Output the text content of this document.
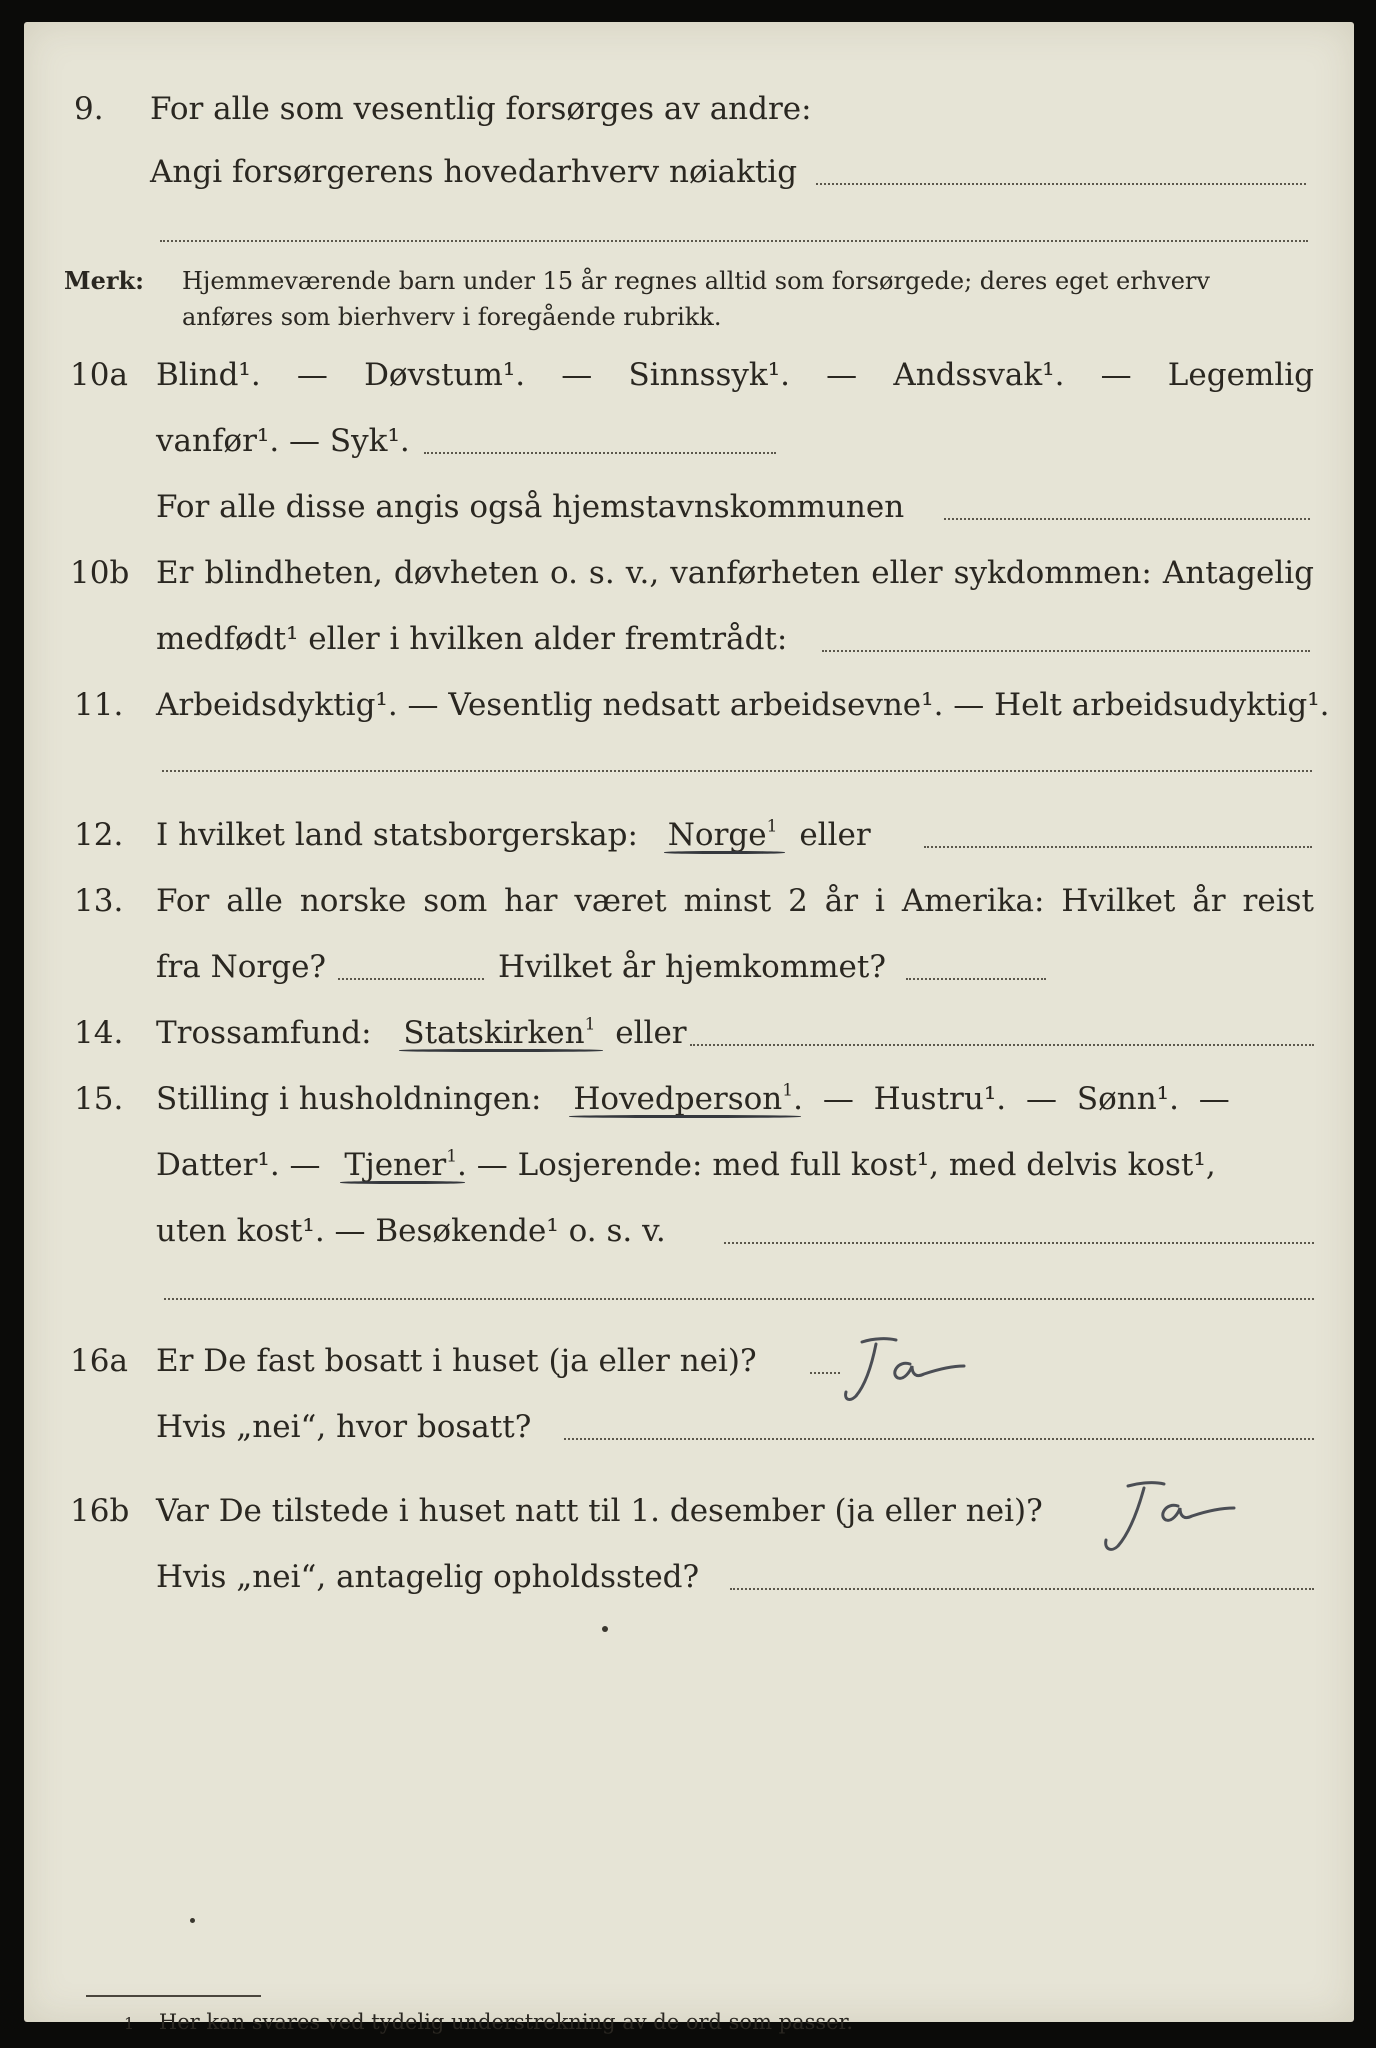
9. For alle som vesentlig forsørges av andre:
Angi forsørgerens hovedarhverv nøiaktig
Merk: Hjemmeværende barn under 15 år regnes alltid som forsørgede; deres eget erhverv
anføres som bierhverv i foregående rubrikk.
10a Blind¹. — Døvstum¹. — Sinnssyk¹. — Andssvak¹. — Legemlig
vanfør¹. — Syk¹.
For alle disse angis også hjemstavnskommunen
10b Er blindheten, døvheten o. s. v., vanførheten eller sykdommen: Antagelig
medfødt¹ eller i hvilken alder fremtrådt:
11. Arbeidsdyktig¹. — Vesentlig nedsatt arbeidsevne¹. — Helt arbeidsudyktig¹.
12. I hvilket land statsborgerskap: Norge$^1$ eller
13. For alle norske som har været minst 2 år i Amerika: Hvilket år reist
fra Norge?	Hvilket år hjemkommet?
14. Trossamfund: Statskirken$^1$ eller
15. Stilling i husholdningen: Hovedperson$^1$. — Hustru¹. — Sønn¹. —
Datter¹. — Tjener$^1$. — Losjerende: med full kost¹, med delvis kost¹,
uten kost¹. — Besøkende¹ o. s. v.
16a Er De fast bosatt i huset (ja eller nei)?
Hvis „nei“, hvor bosatt?
16b Var De tilstede i huset natt til 1. desember (ja eller nei)?
Hvis „nei“, antagelig opholdssted?
1 Her kan svares ved tydelig understrekning av de ord som passer.
